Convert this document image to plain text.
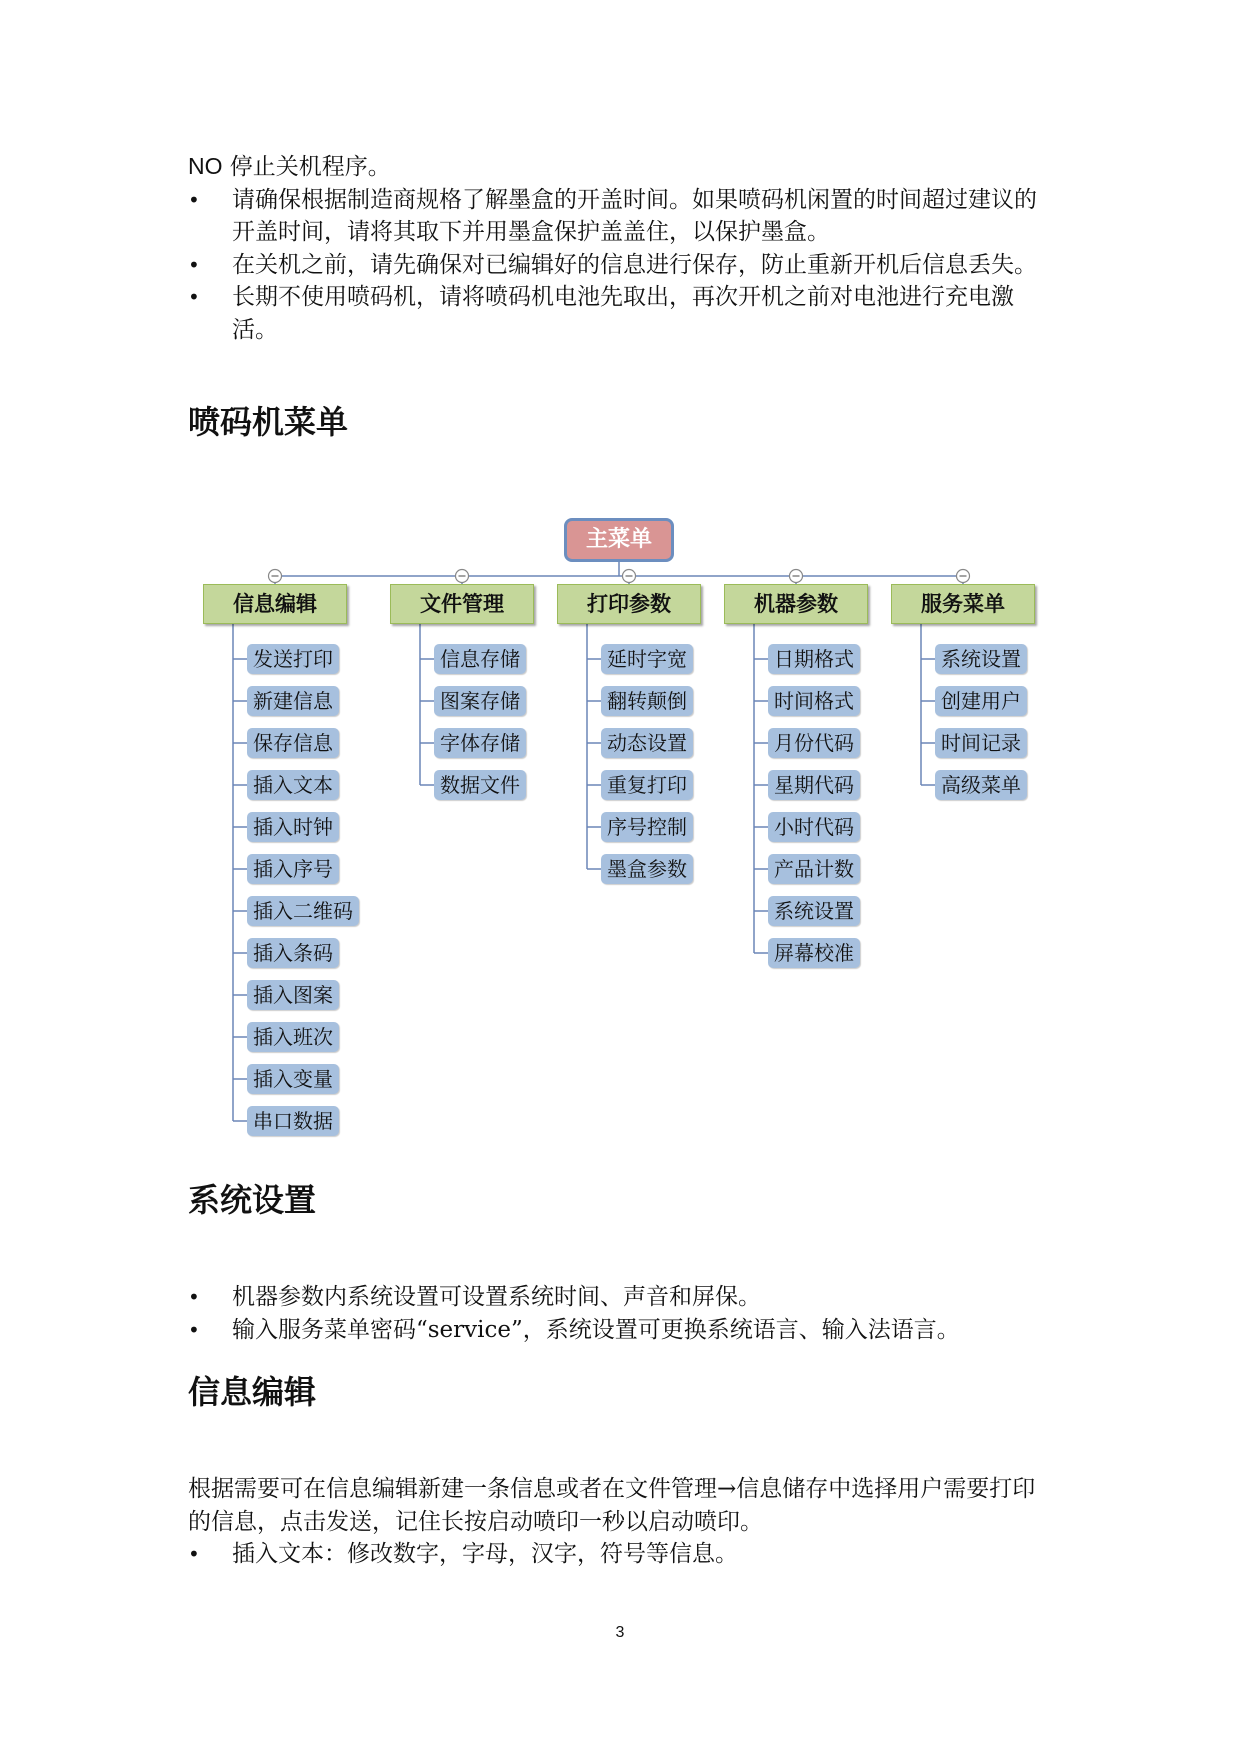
NO 停止关机程序。
• 请确保根据制造商规格了解墨盒的开盖时间。如果喷码机闲置的时间超过建议的开盖时间，请将其取下并用墨盒保护盖盖住，以保护墨盒。
• 在关机之前，请先确保对已编辑好的信息进行保存，防止重新开机后信息丢失。
• 长期不使用喷码机，请将喷码机电池先取出，再次开机之前对电池进行充电激活。
喷码机菜单
主菜单
信息编辑
发送打印
新建信息
保存信息
插入文本
插入时钟
插入序号
插入二维码
插入条码
插入图案
插入班次
插入变量
串口数据
文件管理
信息存储
图案存储
字体存储
数据文件
打印参数
延时字宽
翻转颠倒
动态设置
重复打印
序号控制
墨盒参数
机器参数
日期格式
时间格式
月份代码
星期代码
小时代码
产品计数
系统设置
屏幕校准
服务菜单
系统设置
创建用户
时间记录
高级菜单
系统设置
• 机器参数内系统设置可设置系统时间、声音和屏保。
• 输入服务菜单密码“service”，系统设置可更换系统语言、输入法语言。
信息编辑

根据需要可在信息编辑新建一条信息或者在文件管理→信息储存中选择用户需要打印的信息，点击发送，记住长按启动喷印一秒以启动喷印。

• 插入文本：修改数字，字母，汉字，符号等信息。
3
